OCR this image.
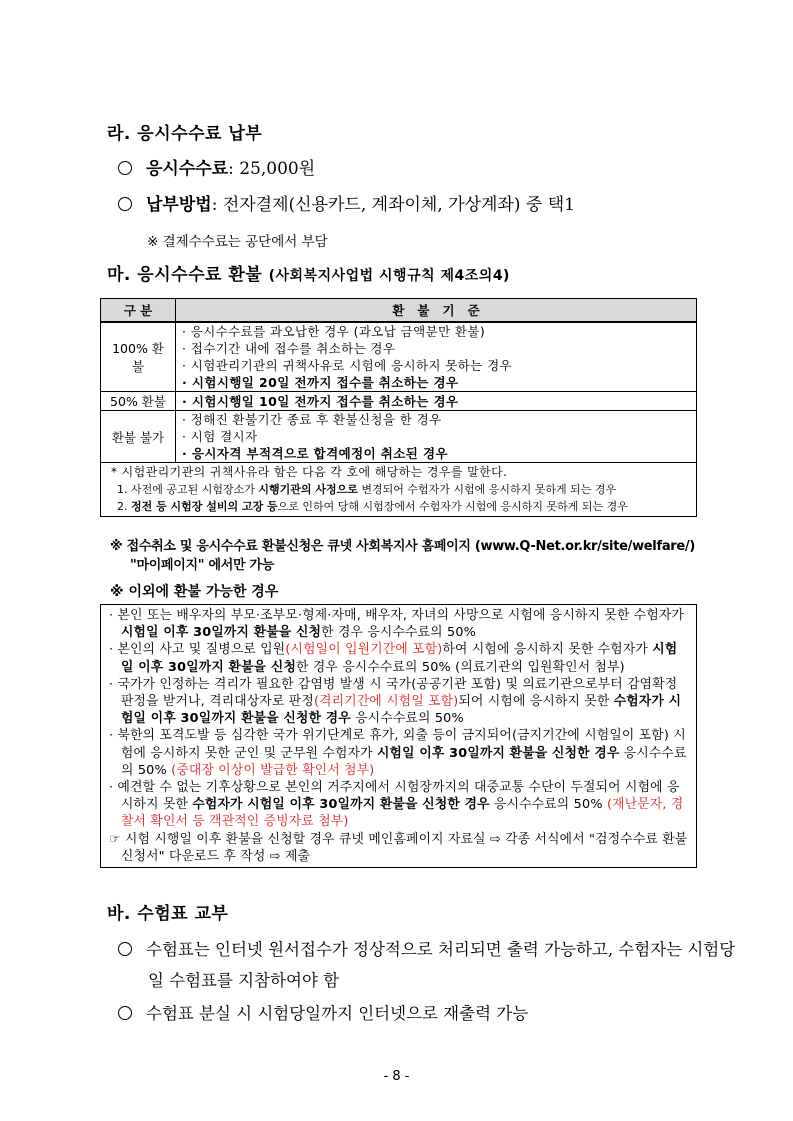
라. 응시수수료 납부
응시수수료: 25,000원
납부방법: 전자결제(신용카드, 계좌이체, 가상계좌) 중 택1
※ 결제수수료는 공단에서 부담
마. 응시수수료 환불 (사회복지사업법 시행규칙 제4조의4)
구 분	환   불   기   준
100% 환불	· 응시수수료를 과오납한 경우 (과오납 금액분만 환불)
· 접수기간 내에 접수를 취소하는 경우
· 시험관리기관의 귀책사유로 시험에 응시하지 못하는 경우
· 시험시행일 20일 전까지 접수를 취소하는 경우

50% 환불	· 시험시행일 10일 전까지 접수를 취소하는 경우

환불 불가	· 정해진 환불기간 종료 후 환불신청을 한 경우
· 시험 결시자
· 응시자격 부적격으로 합격예정이 취소된 경우

* 시험관리기관의 귀책사유라 함은 다음 각 호에 해당하는 경우를 말한다.
1. 사전에 공고된 시험장소가 시행기관의 사정으로 변경되어 수험자가 시험에 응시하지 못하게 되는 경우
2. 정전 등 시험장 설비의 고장 등으로 인하여 당해 시험장에서 수험자가 시험에 응시하지 못하게 되는 경우	
※ 접수취소 및 응시수수료 환불신청은 큐넷 사회복지사 홈페이지 (www.Q-Net.or.kr/site/welfare/)
"마이페이지" 에서만 가능
※ 이외에 환불 가능한 경우
· 본인 또는 배우자의 부모·조부모·형제·자매, 배우자, 자녀의 사망으로 시험에 응시하지 못한 수험자가 시험일 이후 30일까지 환불을 신청한 경우 응시수수료의 50%
· 본인의 사고 및 질병으로 입원(시험일이 입원기간에 포함)하여 시험에 응시하지 못한 수험자가 시험일 이후 30일까지 환불을 신청한 경우 응시수수료의 50% (의료기관의 입원확인서 첨부)
· 국가가 인정하는 격리가 필요한 감염병 발생 시 국가(공공기관 포함) 및 의료기관으로부터 감염확정 판정을 받거나, 격리대상자로 판정(격리기간에 시험일 포함)되어 시험에 응시하지 못한 수험자가 시험일 이후 30일까지 환불을 신청한 경우 응시수수료의 50%
· 북한의 포격도발 등 심각한 국가 위기단계로 휴가, 외출 등이 금지되어(금지기간에 시험일이 포함) 시험에 응시하지 못한 군인 및 군무원 수험자가 시험일 이후 30일까지 환불을 신청한 경우 응시수수료의 50% (중대장 이상이 발급한 확인서 첨부)
· 예견할 수 없는 기후상황으로 본인의 거주지에서 시험장까지의 대중교통 수단이 두절되어 시험에 응시하지 못한 수험자가 시험일 이후 30일까지 환불을 신청한 경우 응시수수료의 50% (재난문자, 경찰서 확인서 등 객관적인 증빙자료 첨부)
☞ 시험 시행일 이후 환불을 신청할 경우 큐넷 메인홈페이지 자료실 ⇨ 각종 서식에서 "검정수수료 환불신청서" 다운로드 후 작성 ⇨ 제출
바. 수험표 교부
수험표는 인터넷 원서접수가 정상적으로 처리되면 출력 가능하고, 수험자는 시험당일 수험표를 지참하여야 함
수험표 분실 시 시험당일까지 인터넷으로 재출력 가능
- 8 -
